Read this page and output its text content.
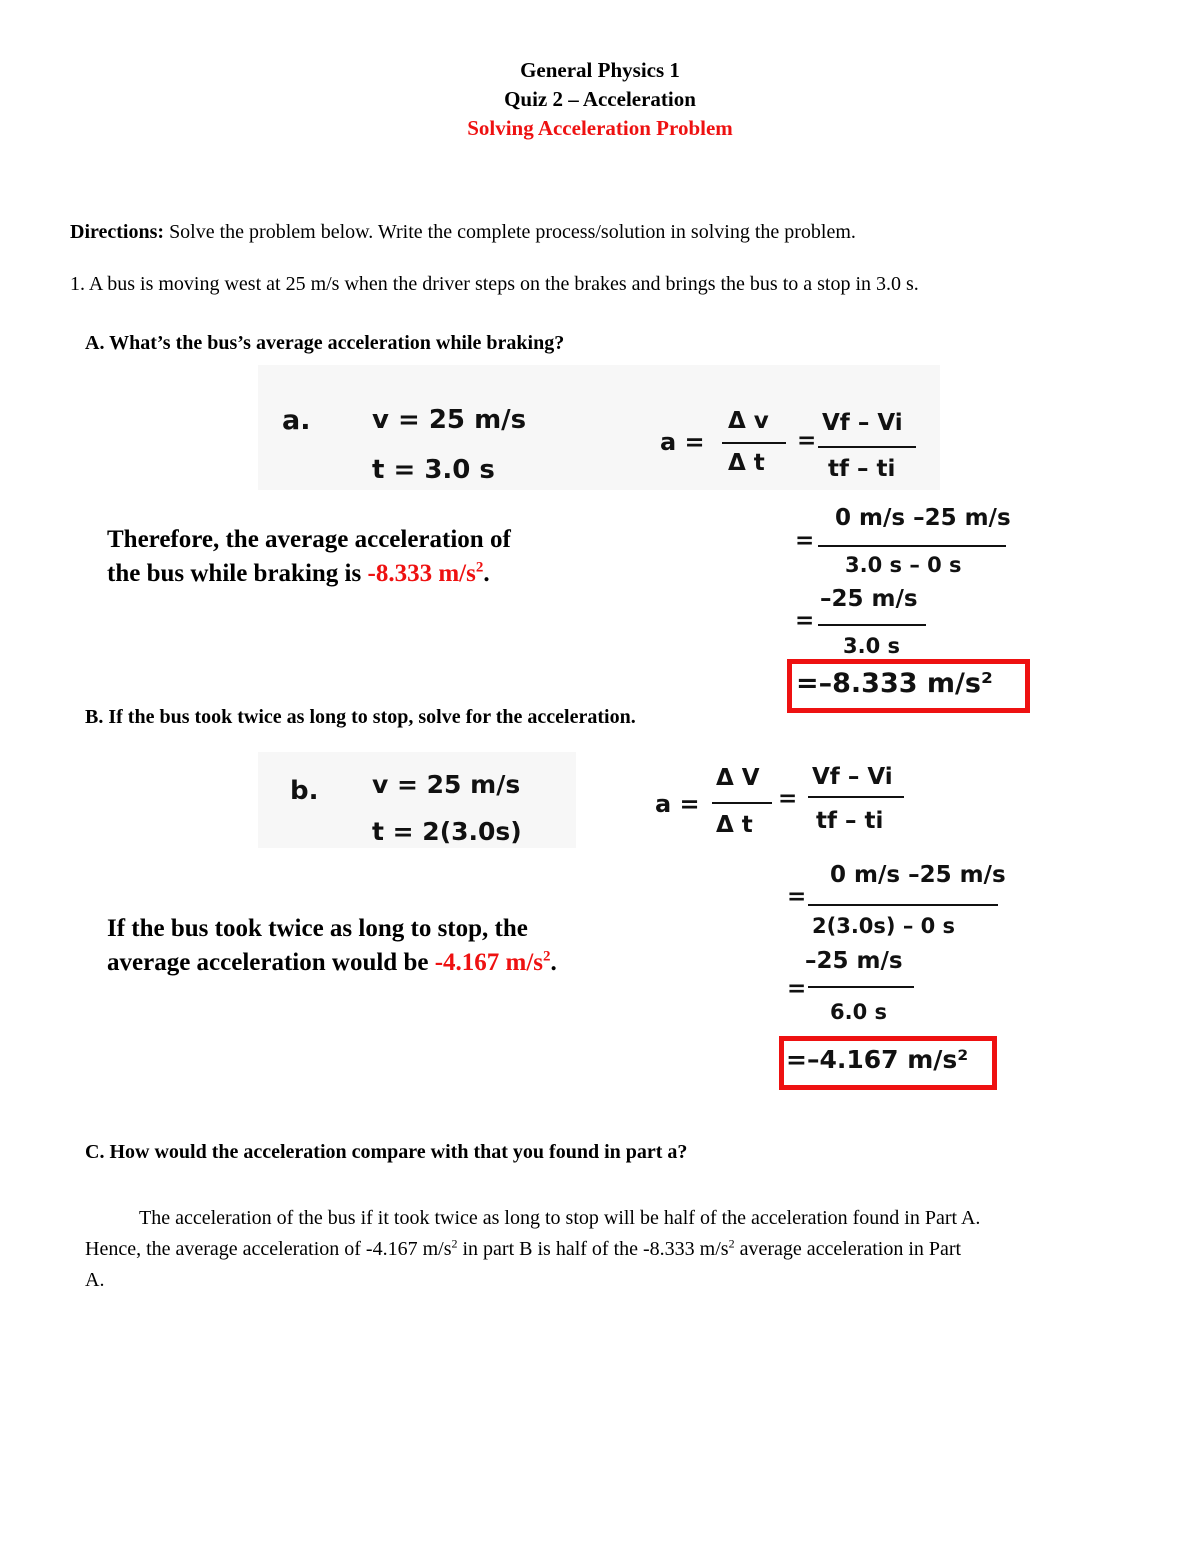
General Physics 1
Quiz 2 – Acceleration
Solving Acceleration Problem
Directions: Solve the problem below. Write the complete process/solution in solving the problem.
1. A bus is moving west at 25 m/s when the driver steps on the brakes and brings the bus to a stop in 3.0 s.
A. What’s the bus’s average acceleration while braking?
a. v = 25 m/s
t = 3.0 s
a =
Δ v
Δ t
=
Vf – Vi
tf – ti
=
0 m/s –25 m/s
3.0 s – 0 s
=
–25 m/s
3.0 s
=–8.333 m/s²
Therefore, the average acceleration of
the bus while braking is -8.333 $m/s^2$.
B. If the bus took twice as long to stop, solve for the acceleration.
b. v = 25 m/s
t = 2(3.0s)
a =
Δ V
Δ t
=
Vf – Vi
tf – ti
=
0 m/s –25 m/s
2(3.0s) – 0 s
=
–25 m/s
6.0 s
=–4.167 m/s²
If the bus took twice as long to stop, the
average acceleration would be -4.167 $m/s^2$.
C. How would the acceleration compare with that you found in part a?
The acceleration of the bus if it took twice as long to stop will be half of the acceleration found in Part A.
Hence, the average acceleration of -4.167 $m/s^2$ in part B is half of the -8.333 $m/s^2$ average acceleration in Part
A.
